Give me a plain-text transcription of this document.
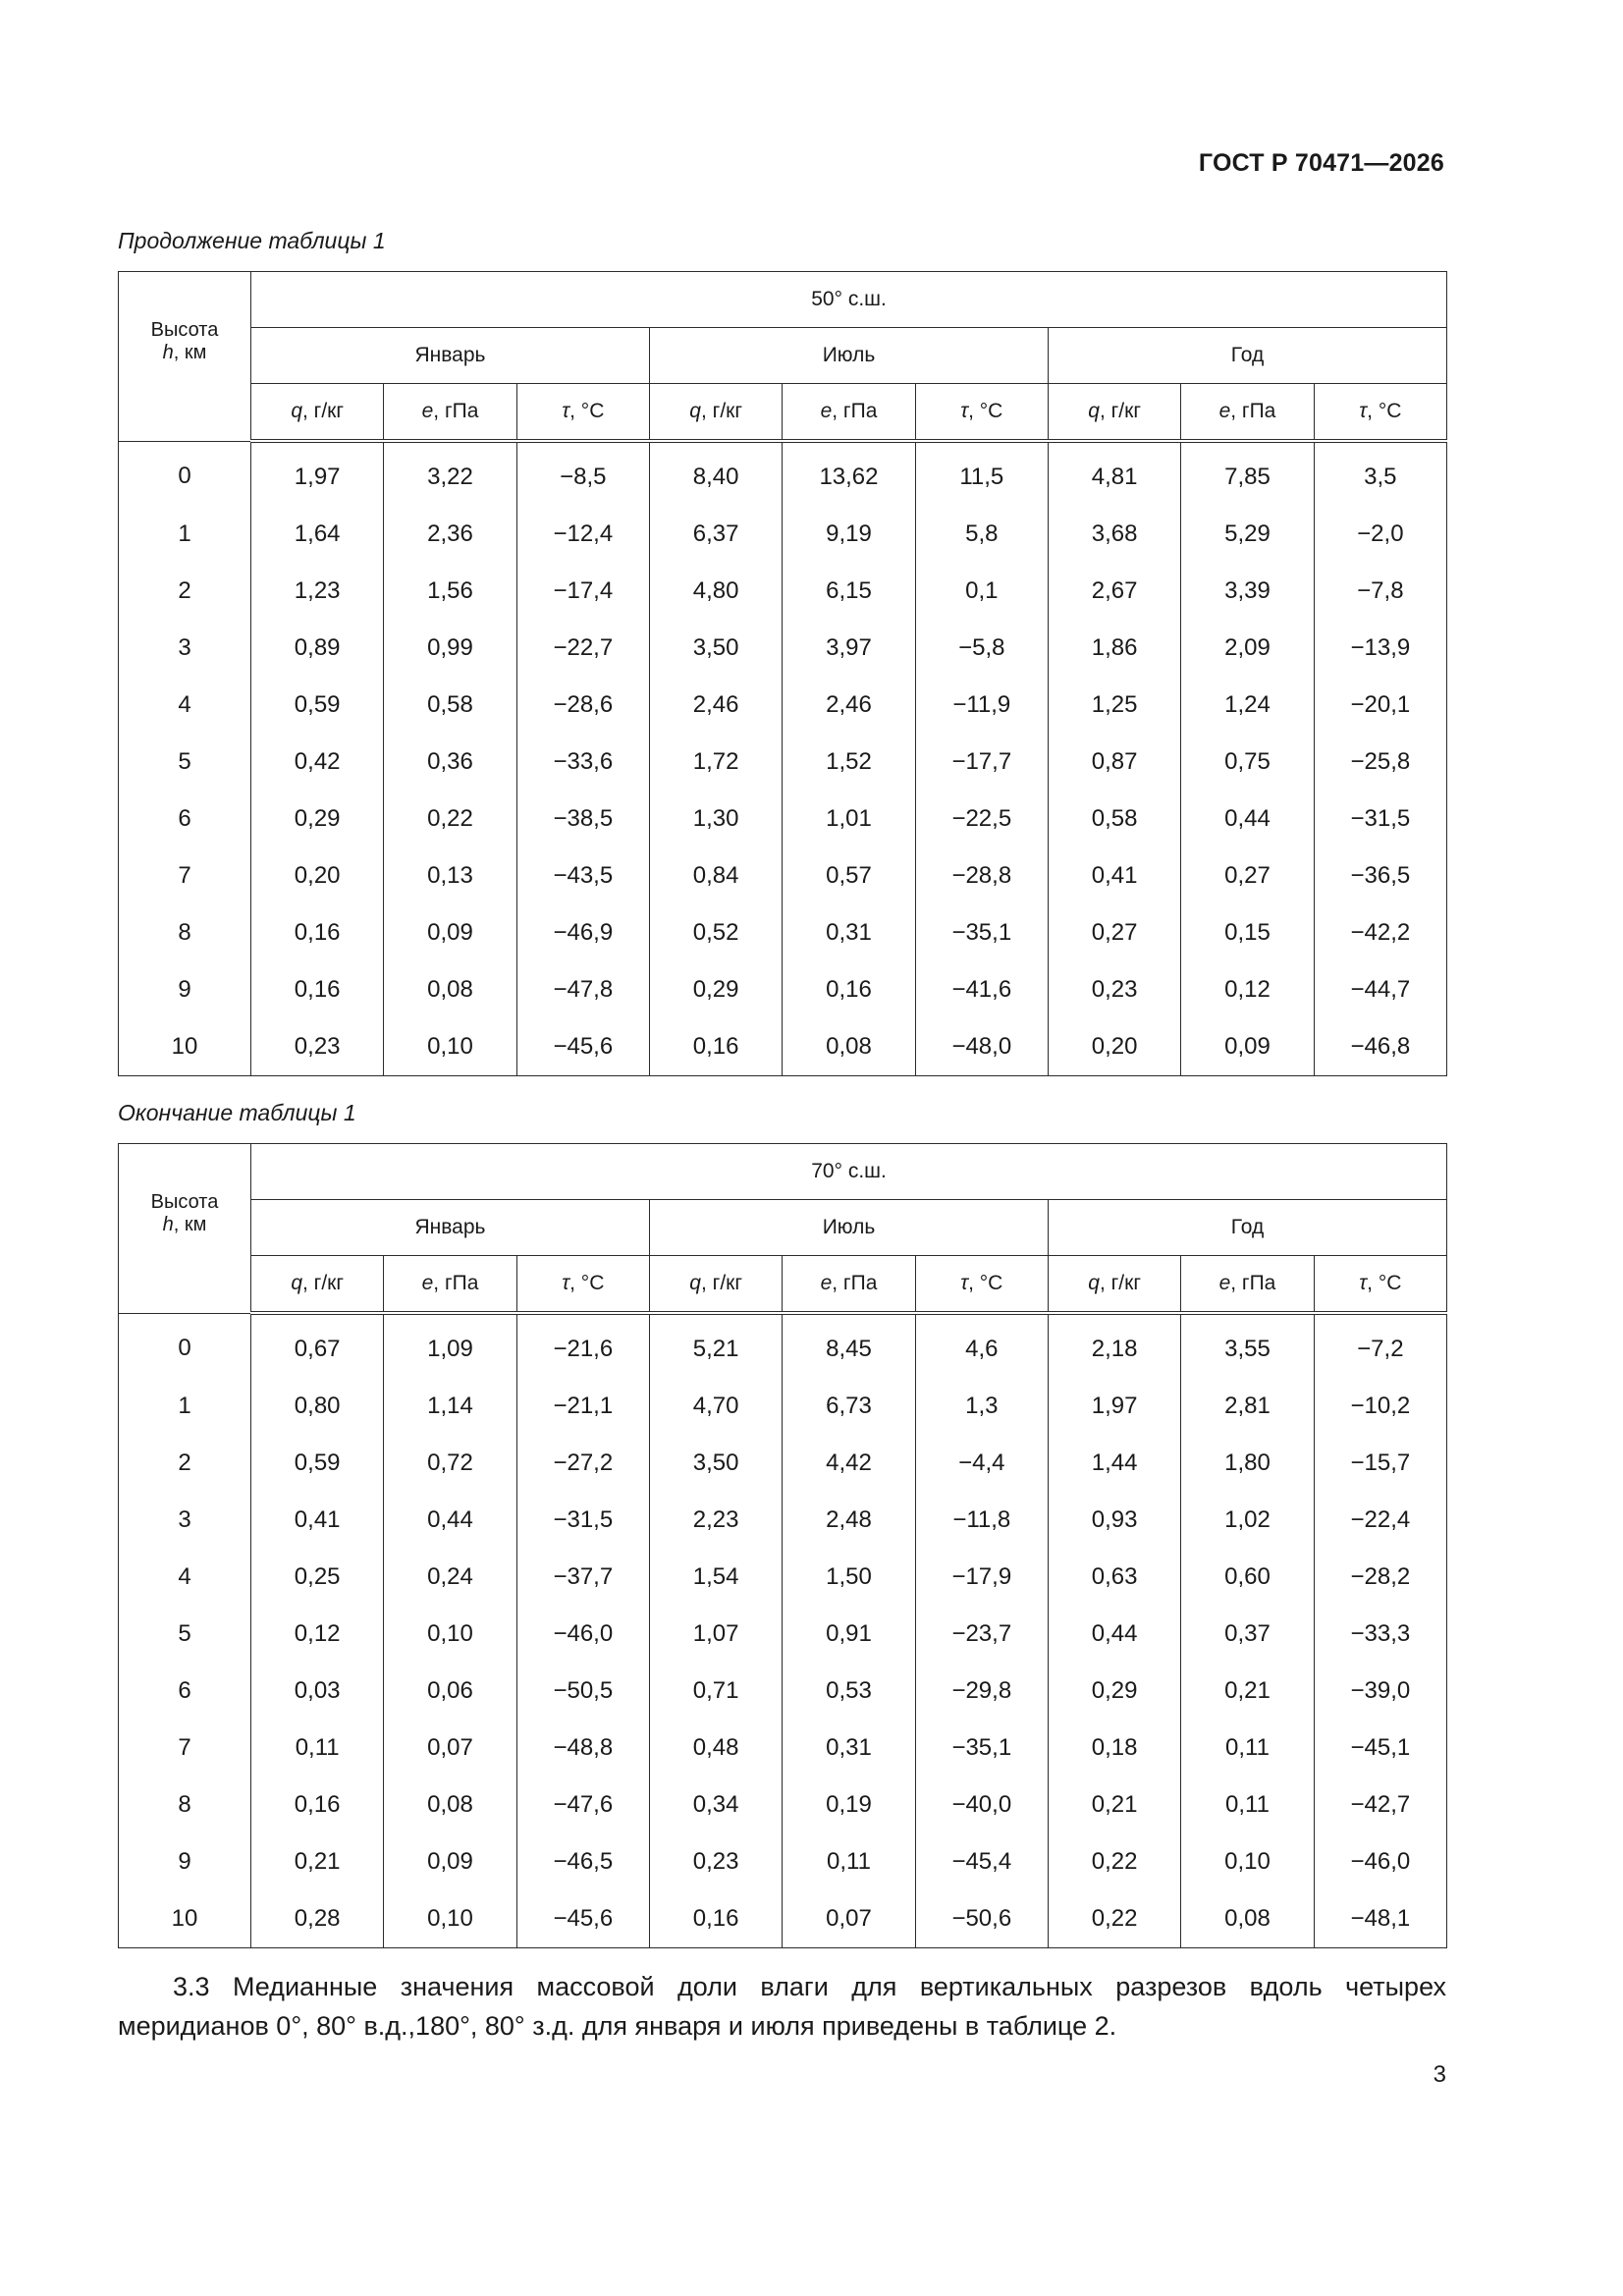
ГОСТ Р 70471—2026
Продолжение таблицы 1
Высота
h, км	50° с.ш.								
	Январь			Июль			Год		
	q, г/кг	e, гПа	τ, °С	q, г/кг	e, гПа	τ, °С	q, г/кг	e, гПа	τ, °С
0	1,97	3,22	−8,5	8,40	13,62	11,5	4,81	7,85	3,5
1	1,64	2,36	−12,4	6,37	9,19	5,8	3,68	5,29	−2,0
2	1,23	1,56	−17,4	4,80	6,15	0,1	2,67	3,39	−7,8
3	0,89	0,99	−22,7	3,50	3,97	−5,8	1,86	2,09	−13,9
4	0,59	0,58	−28,6	2,46	2,46	−11,9	1,25	1,24	−20,1
5	0,42	0,36	−33,6	1,72	1,52	−17,7	0,87	0,75	−25,8
6	0,29	0,22	−38,5	1,30	1,01	−22,5	0,58	0,44	−31,5
7	0,20	0,13	−43,5	0,84	0,57	−28,8	0,41	0,27	−36,5
8	0,16	0,09	−46,9	0,52	0,31	−35,1	0,27	0,15	−42,2
9	0,16	0,08	−47,8	0,29	0,16	−41,6	0,23	0,12	−44,7
10	0,23	0,10	−45,6	0,16	0,08	−48,0	0,20	0,09	−46,8
Окончание таблицы 1
Высота
h, км	70° с.ш.								
	Январь			Июль			Год		
	q, г/кг	e, гПа	τ, °С	q, г/кг	e, гПа	τ, °С	q, г/кг	e, гПа	τ, °С
0	0,67	1,09	−21,6	5,21	8,45	4,6	2,18	3,55	−7,2
1	0,80	1,14	−21,1	4,70	6,73	1,3	1,97	2,81	−10,2
2	0,59	0,72	−27,2	3,50	4,42	−4,4	1,44	1,80	−15,7
3	0,41	0,44	−31,5	2,23	2,48	−11,8	0,93	1,02	−22,4
4	0,25	0,24	−37,7	1,54	1,50	−17,9	0,63	0,60	−28,2
5	0,12	0,10	−46,0	1,07	0,91	−23,7	0,44	0,37	−33,3
6	0,03	0,06	−50,5	0,71	0,53	−29,8	0,29	0,21	−39,0
7	0,11	0,07	−48,8	0,48	0,31	−35,1	0,18	0,11	−45,1
8	0,16	0,08	−47,6	0,34	0,19	−40,0	0,21	0,11	−42,7
9	0,21	0,09	−46,5	0,23	0,11	−45,4	0,22	0,10	−46,0
10	0,28	0,10	−45,6	0,16	0,07	−50,6	0,22	0,08	−48,1
3.3 Медианные значения массовой доли влаги для вертикальных разрезов вдоль четырех меридианов 0°, 80° в.д.,180°, 80° з.д. для января и июля приведены в таблице 2.
3
